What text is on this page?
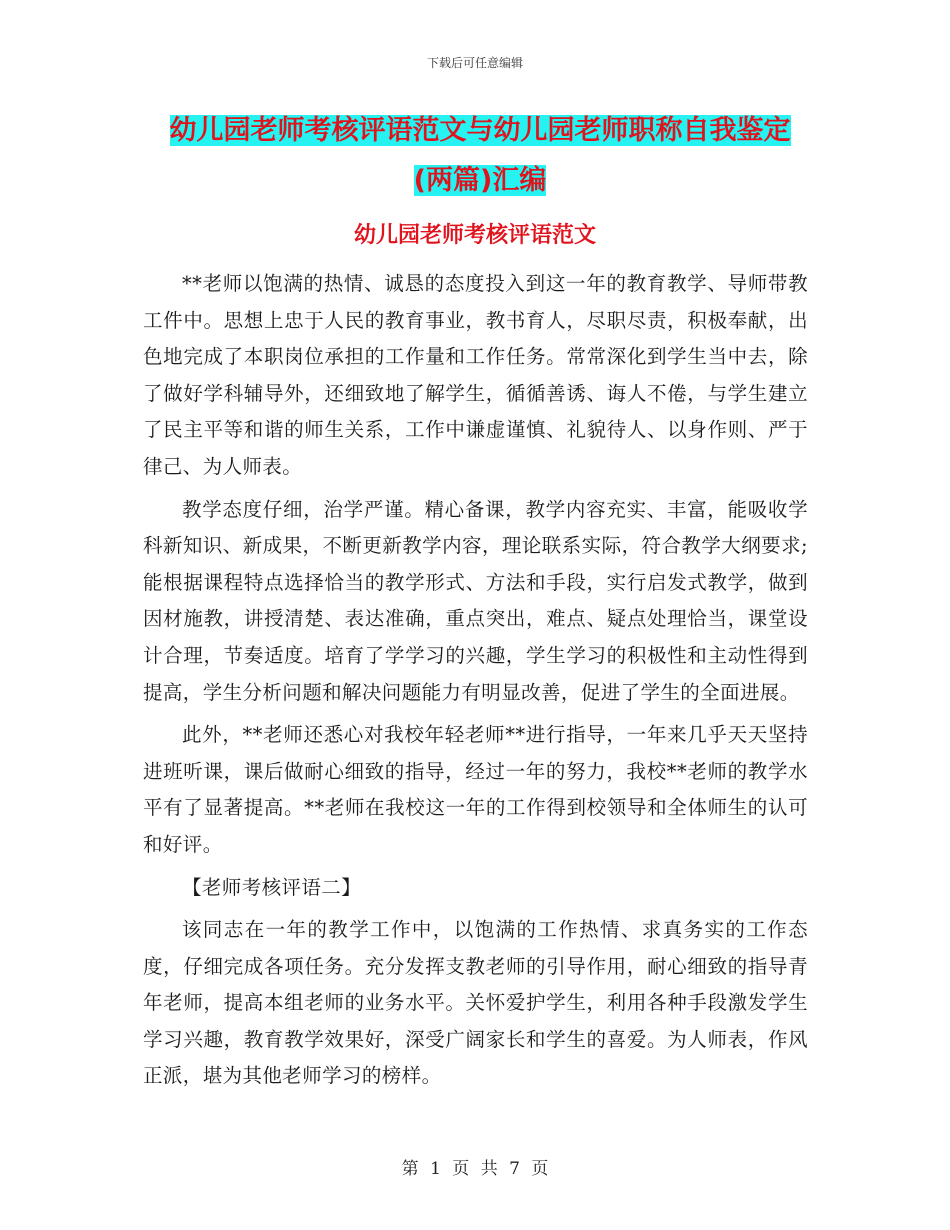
下载后可任意编辑
幼儿园老师考核评语范文与幼儿园老师职称自我鉴定
(两篇)汇编
幼儿园老师考核评语范文

**老师以饱满的热情、诚恳的态度投入到这一年的教育教学、导师带教工件中。思想上忠于人民的教育事业，教书育人，尽职尽责，积极奉献，出色地完成了本职岗位承担的工作量和工作任务。常常深化到学生当中去，除了做好学科辅导外，还细致地了解学生，循循善诱、诲人不倦，与学生建立了民主平等和谐的师生关系，工作中谦虚谨慎、礼貌待人、以身作则、严于律己、为人师表。

教学态度仔细，治学严谨。精心备课，教学内容充实、丰富，能吸收学科新知识、新成果，不断更新教学内容，理论联系实际，符合教学大纲要求;能根据课程特点选择恰当的教学形式、方法和手段，实行启发式教学，做到因材施教，讲授清楚、表达准确，重点突出，难点、疑点处理恰当，课堂设计合理，节奏适度。培育了学学习的兴趣，学生学习的积极性和主动性得到提高，学生分析问题和解决问题能力有明显改善，促进了学生的全面进展。

此外，**老师还悉心对我校年轻老师**进行指导，一年来几乎天天坚持进班听课，课后做耐心细致的指导，经过一年的努力，我校**老师的教学水平有了显著提高。**老师在我校这一年的工作得到校领导和全体师生的认可和好评。

【老师考核评语二】

该同志在一年的教学工作中，以饱满的工作热情、求真务实的工作态度，仔细完成各项任务。充分发挥支教老师的引导作用，耐心细致的指导青年老师，提高本组老师的业务水平。关怀爱护学生，利用各种手段激发学生学习兴趣，教育教学效果好，深受广阔家长和学生的喜爱。为人师表，作风正派，堪为其他老师学习的榜样。

第 1 页 共 7 页
